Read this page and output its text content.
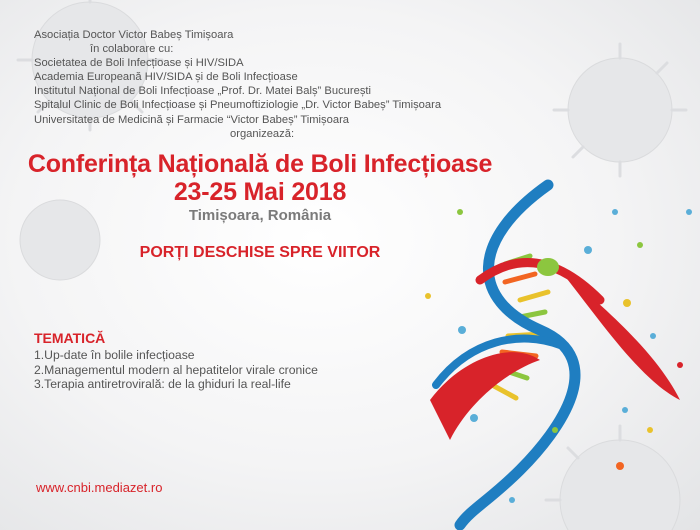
Asociația Doctor Victor Babeș Timișoara
în colaborare cu:
Societatea de Boli Infecțioase și HIV/SIDA
Academia Europeană HIV/SIDA și de Boli Infecțioase
Institutul Național de Boli Infecțioase „Prof. Dr. Matei Balș” București
Spitalul Clinic de Boli Infecțioase și Pneumoftiziologie „Dr. Victor Babeș” Timișoara
Universitatea de Medicină și Farmacie “Victor Babeș” Timișoara
organizează:
Conferința Națională de Boli Infecțioase
23-25 Mai 2018
Timișoara, România
PORȚI DESCHISE SPRE VIITOR
TEMATICĂ
1.Up-date în bolile infecțioase
2.Managementul modern al hepatitelor virale cronice
3.Terapia antiretrovirală: de la ghiduri la real-life
www.cnbi.mediazet.ro
